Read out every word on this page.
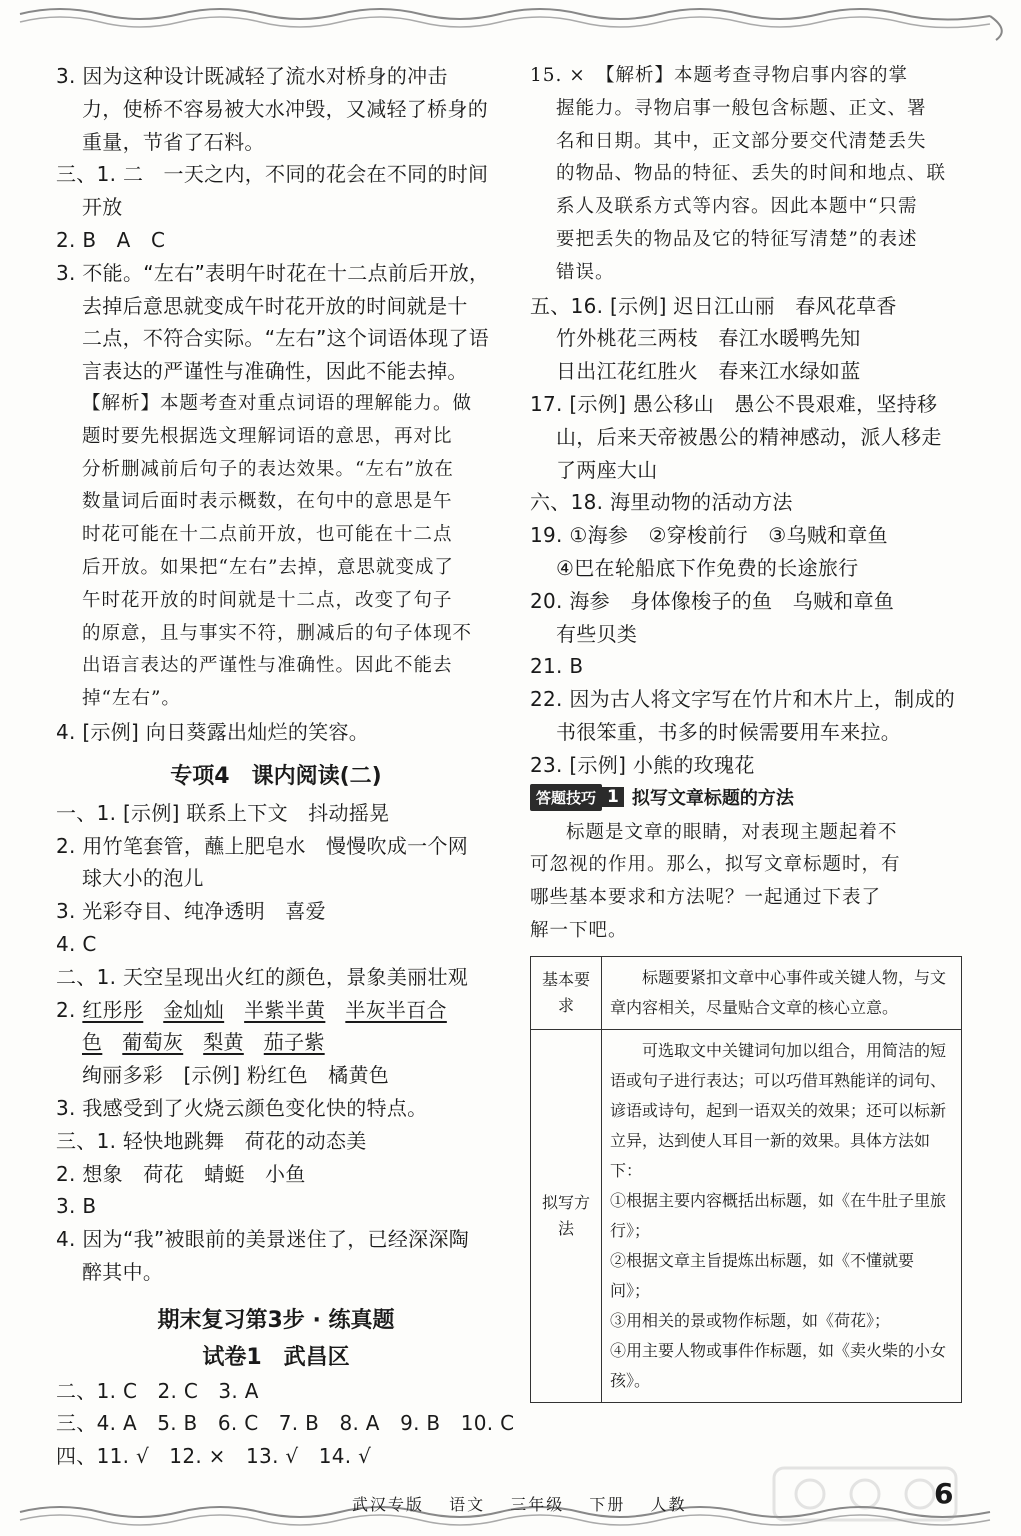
3. 因为这种设计既减轻了流水对桥身的冲击
力，使桥不容易被大水冲毁，又减轻了桥身的
重量，节省了石料。
三、1. 二　一天之内，不同的花会在不同的时间
开放
2. B　A　C
3. 不能。“左右”表明午时花在十二点前后开放，
去掉后意思就变成午时花开放的时间就是十
二点，不符合实际。“左右”这个词语体现了语
言表达的严谨性与准确性，因此不能去掉。
【解析】本题考查对重点词语的理解能力。做
题时要先根据选文理解词语的意思，再对比
分析删减前后句子的表达效果。“左右”放在
数量词后面时表示概数，在句中的意思是午
时花可能在十二点前开放，也可能在十二点
后开放。如果把“左右”去掉，意思就变成了
午时花开放的时间就是十二点，改变了句子
的原意，且与事实不符，删减后的句子体现不
出语言表达的严谨性与准确性。因此不能去
掉“左右”。
4. [示例] 向日葵露出灿烂的笑容。
专项4　课内阅读(二)
一、1. [示例] 联系上下文　抖动摇晃
2. 用竹笔套管，蘸上肥皂水　慢慢吹成一个网
球大小的泡儿
3. 光彩夺目、纯净透明　喜爱
4. C
二、1. 天空呈现出火红的颜色，景象美丽壮观
2. 红彤彤 金灿灿 半紫半黄 半灰半百合
色 葡萄灰 梨黄 茄子紫
绚丽多彩　[示例] 粉红色　橘黄色
3. 我感受到了火烧云颜色变化快的特点。
三、1. 轻快地跳舞　荷花的动态美
2. 想象　荷花　蜻蜓　小鱼
3. B
4. 因为“我”被眼前的美景迷住了，已经深深陶
醉其中。
期末复习第3步 · 练真题
试卷1　武昌区
二、1. C　2. C　3. A
三、4. A　5. B　6. C　7. B　8. A　9. B　10. C
四、11. √　12. ×　13. √　14. √
15. ×　【解析】本题考查寻物启事内容的掌
握能力。寻物启事一般包含标题、正文、署
名和日期。其中，正文部分要交代清楚丢失
的物品、物品的特征、丢失的时间和地点、联
系人及联系方式等内容。因此本题中“只需
要把丢失的物品及它的特征写清楚”的表述
错误。
五、16. [示例] 迟日江山丽　春风花草香
竹外桃花三两枝　春江水暖鸭先知
日出江花红胜火　春来江水绿如蓝
17. [示例] 愚公移山　愚公不畏艰难，坚持移
山，后来天帝被愚公的精神感动，派人移走
了两座大山
六、18. 海里动物的活动方法
19. ①海参　②穿梭前行　③乌贼和章鱼
④巴在轮船底下作免费的长途旅行
20. 海参　身体像梭子的鱼　乌贼和章鱼
有些贝类
21. B
22. 因为古人将文字写在竹片和木片上，制成的
书很笨重，书多的时候需要用车来拉。
23. [示例] 小熊的玫瑰花
答题技巧 1 拟写文章标题的方法
标题是文章的眼睛，对表现主题起着不
可忽视的作用。那么，拟写文章标题时，有
哪些基本要求和方法呢？一起通过下表了
解一下吧。
基本要求	标题要紧扣文章中心事件或关键人物，与文章内容相关，尽量贴合文章的核心立意。
拟写方法	可选取文中关键词句加以组合，用简洁的短语或句子进行表达；可以巧借耳熟能详的词句、谚语或诗句，起到一语双关的效果；还可以标新立异，达到使人耳目一新的效果。具体方法如下：
①根据主要内容概括出标题，如《在牛肚子里旅行》；
②根据文章主旨提炼出标题，如《不懂就要问》；
③用相关的景或物作标题，如《荷花》；
④用主要人物或事件作标题，如《卖火柴的小女孩》。
武汉专版 语文 三年级 下册 人教	6
